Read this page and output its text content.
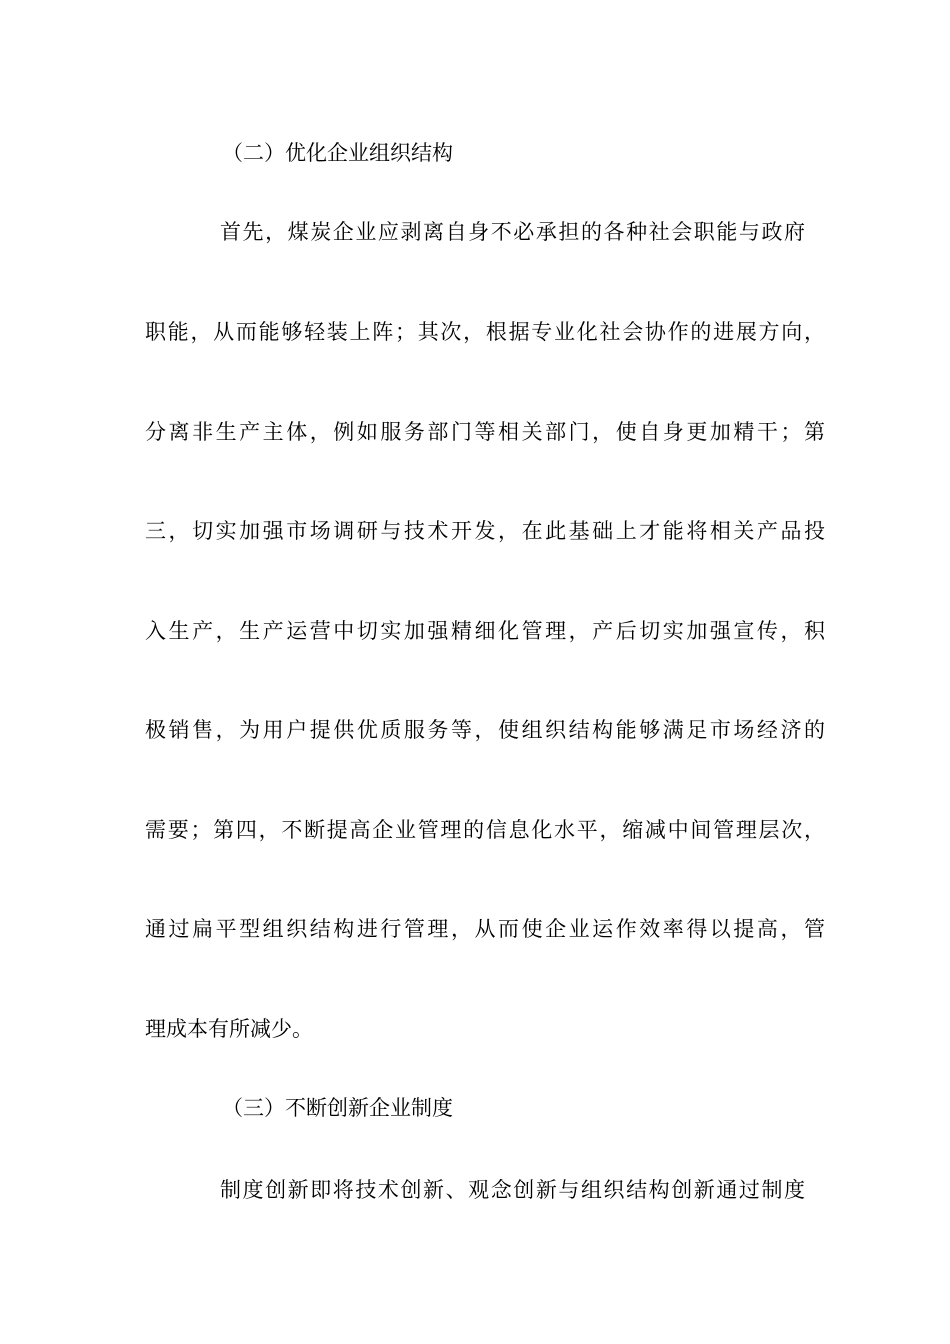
（二）优化企业组织结构
首先，煤炭企业应剥离自身不必承担的各种社会职能与政府
职能，从而能够轻装上阵；其次，根据专业化社会协作的进展方向，
分离非生产主体，例如服务部门等相关部门，使自身更加精干；第
三，切实加强市场调研与技术开发，在此基础上才能将相关产品投
入生产，生产运营中切实加强精细化管理，产后切实加强宣传，积
极销售，为用户提供优质服务等，使组织结构能够满足市场经济的
需要；第四，不断提高企业管理的信息化水平，缩减中间管理层次，
通过扁平型组织结构进行管理，从而使企业运作效率得以提高，管
理成本有所减少。
（三）不断创新企业制度
制度创新即将技术创新、观念创新与组织结构创新通过制度
